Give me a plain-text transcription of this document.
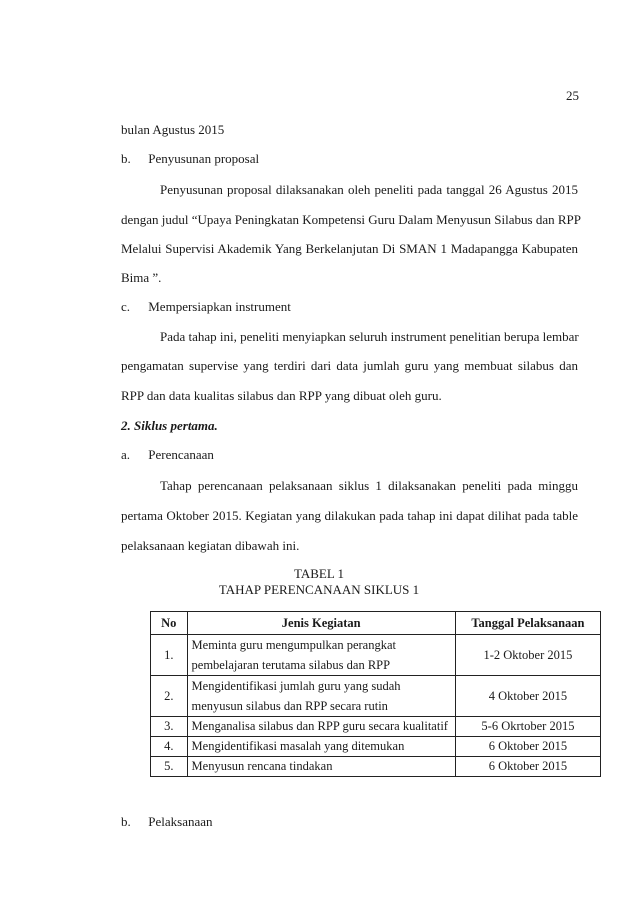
25
bulan Agustus 2015
b. Penyusunan proposal
Penyusunan proposal dilaksanakan oleh peneliti pada tanggal 26 Agustus 2015
dengan judul “Upaya Peningkatan Kompetensi Guru Dalam Menyusun Silabus dan RPP
Melalui Supervisi Akademik Yang Berkelanjutan Di SMAN 1 Madapangga Kabupaten
Bima ”.
c. Mempersiapkan instrument
Pada tahap ini, peneliti menyiapkan seluruh instrument penelitian berupa lembar
pengamatan supervise yang terdiri dari data jumlah guru yang membuat silabus dan
RPP dan data kualitas silabus dan RPP yang dibuat oleh guru.
2. Siklus pertama.
a. Perencanaan
Tahap perencanaan pelaksanaan siklus 1 dilaksanakan peneliti pada minggu
pertama Oktober 2015. Kegiatan yang dilakukan pada tahap ini dapat dilihat pada table
pelaksanaan kegiatan dibawah ini.
TABEL 1
TAHAP PERENCANAAN SIKLUS 1
No	Jenis Kegiatan	Tanggal Pelaksanaan
1.	Meminta guru mengumpulkan perangkat
pembelajaran terutama silabus dan RPP	1-2 Oktober 2015
2.	Mengidentifikasi jumlah guru yang sudah
menyusun silabus dan RPP secara rutin	4 Oktober 2015
3.	Menganalisa silabus dan RPP guru secara kualitatif	5-6 Okrtober 2015
4.	Mengidentifikasi masalah yang ditemukan	6 Oktober 2015
5.	Menyusun rencana tindakan	6 Oktober 2015
b. Pelaksanaan
